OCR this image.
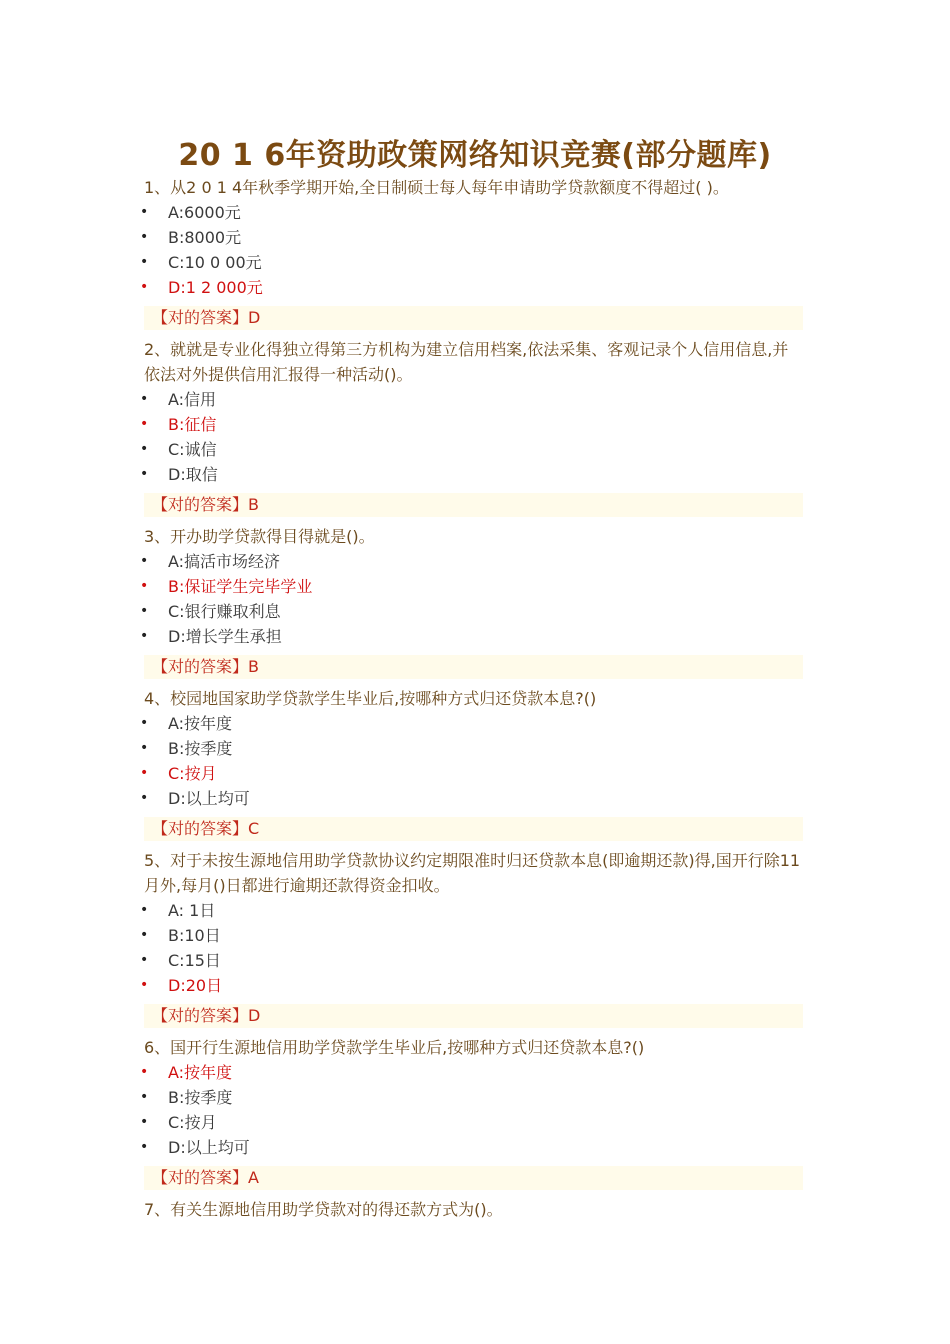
20 1 6年资助政策网络知识竞赛(部分题库)

1、从2 0 1 4年秋季学期开始,全日制硕士每人每年申请助学贷款额度不得超过( )。

• A:6000元
• B:8000元
• C:10 0 00元
• D:1 2 000元
【对的答案】D

2、就就是专业化得独立得第三方机构为建立信用档案,依法采集、客观记录个人信用信息,并依法对外提供信用汇报得一种活动()。

• A:信用
• B:征信
• C:诚信
• D:取信
【对的答案】B

3、开办助学贷款得目得就是()。

• A:搞活市场经济
• B:保证学生完毕学业
• C:银行赚取利息
• D:增长学生承担
【对的答案】B

4、校园地国家助学贷款学生毕业后,按哪种方式归还贷款本息?()

• A:按年度
• B:按季度
• C:按月
• D:以上均可
【对的答案】C

5、对于未按生源地信用助学贷款协议约定期限准时归还贷款本息(即逾期还款)得,国开行除11月外,每月()日都进行逾期还款得资金扣收。

• A: 1日
• B:10日
• C:15日
• D:20日
【对的答案】D

6、国开行生源地信用助学贷款学生毕业后,按哪种方式归还贷款本息?()

• A:按年度
• B:按季度
• C:按月
• D:以上均可
【对的答案】A

7、有关生源地信用助学贷款对的得还款方式为()。
